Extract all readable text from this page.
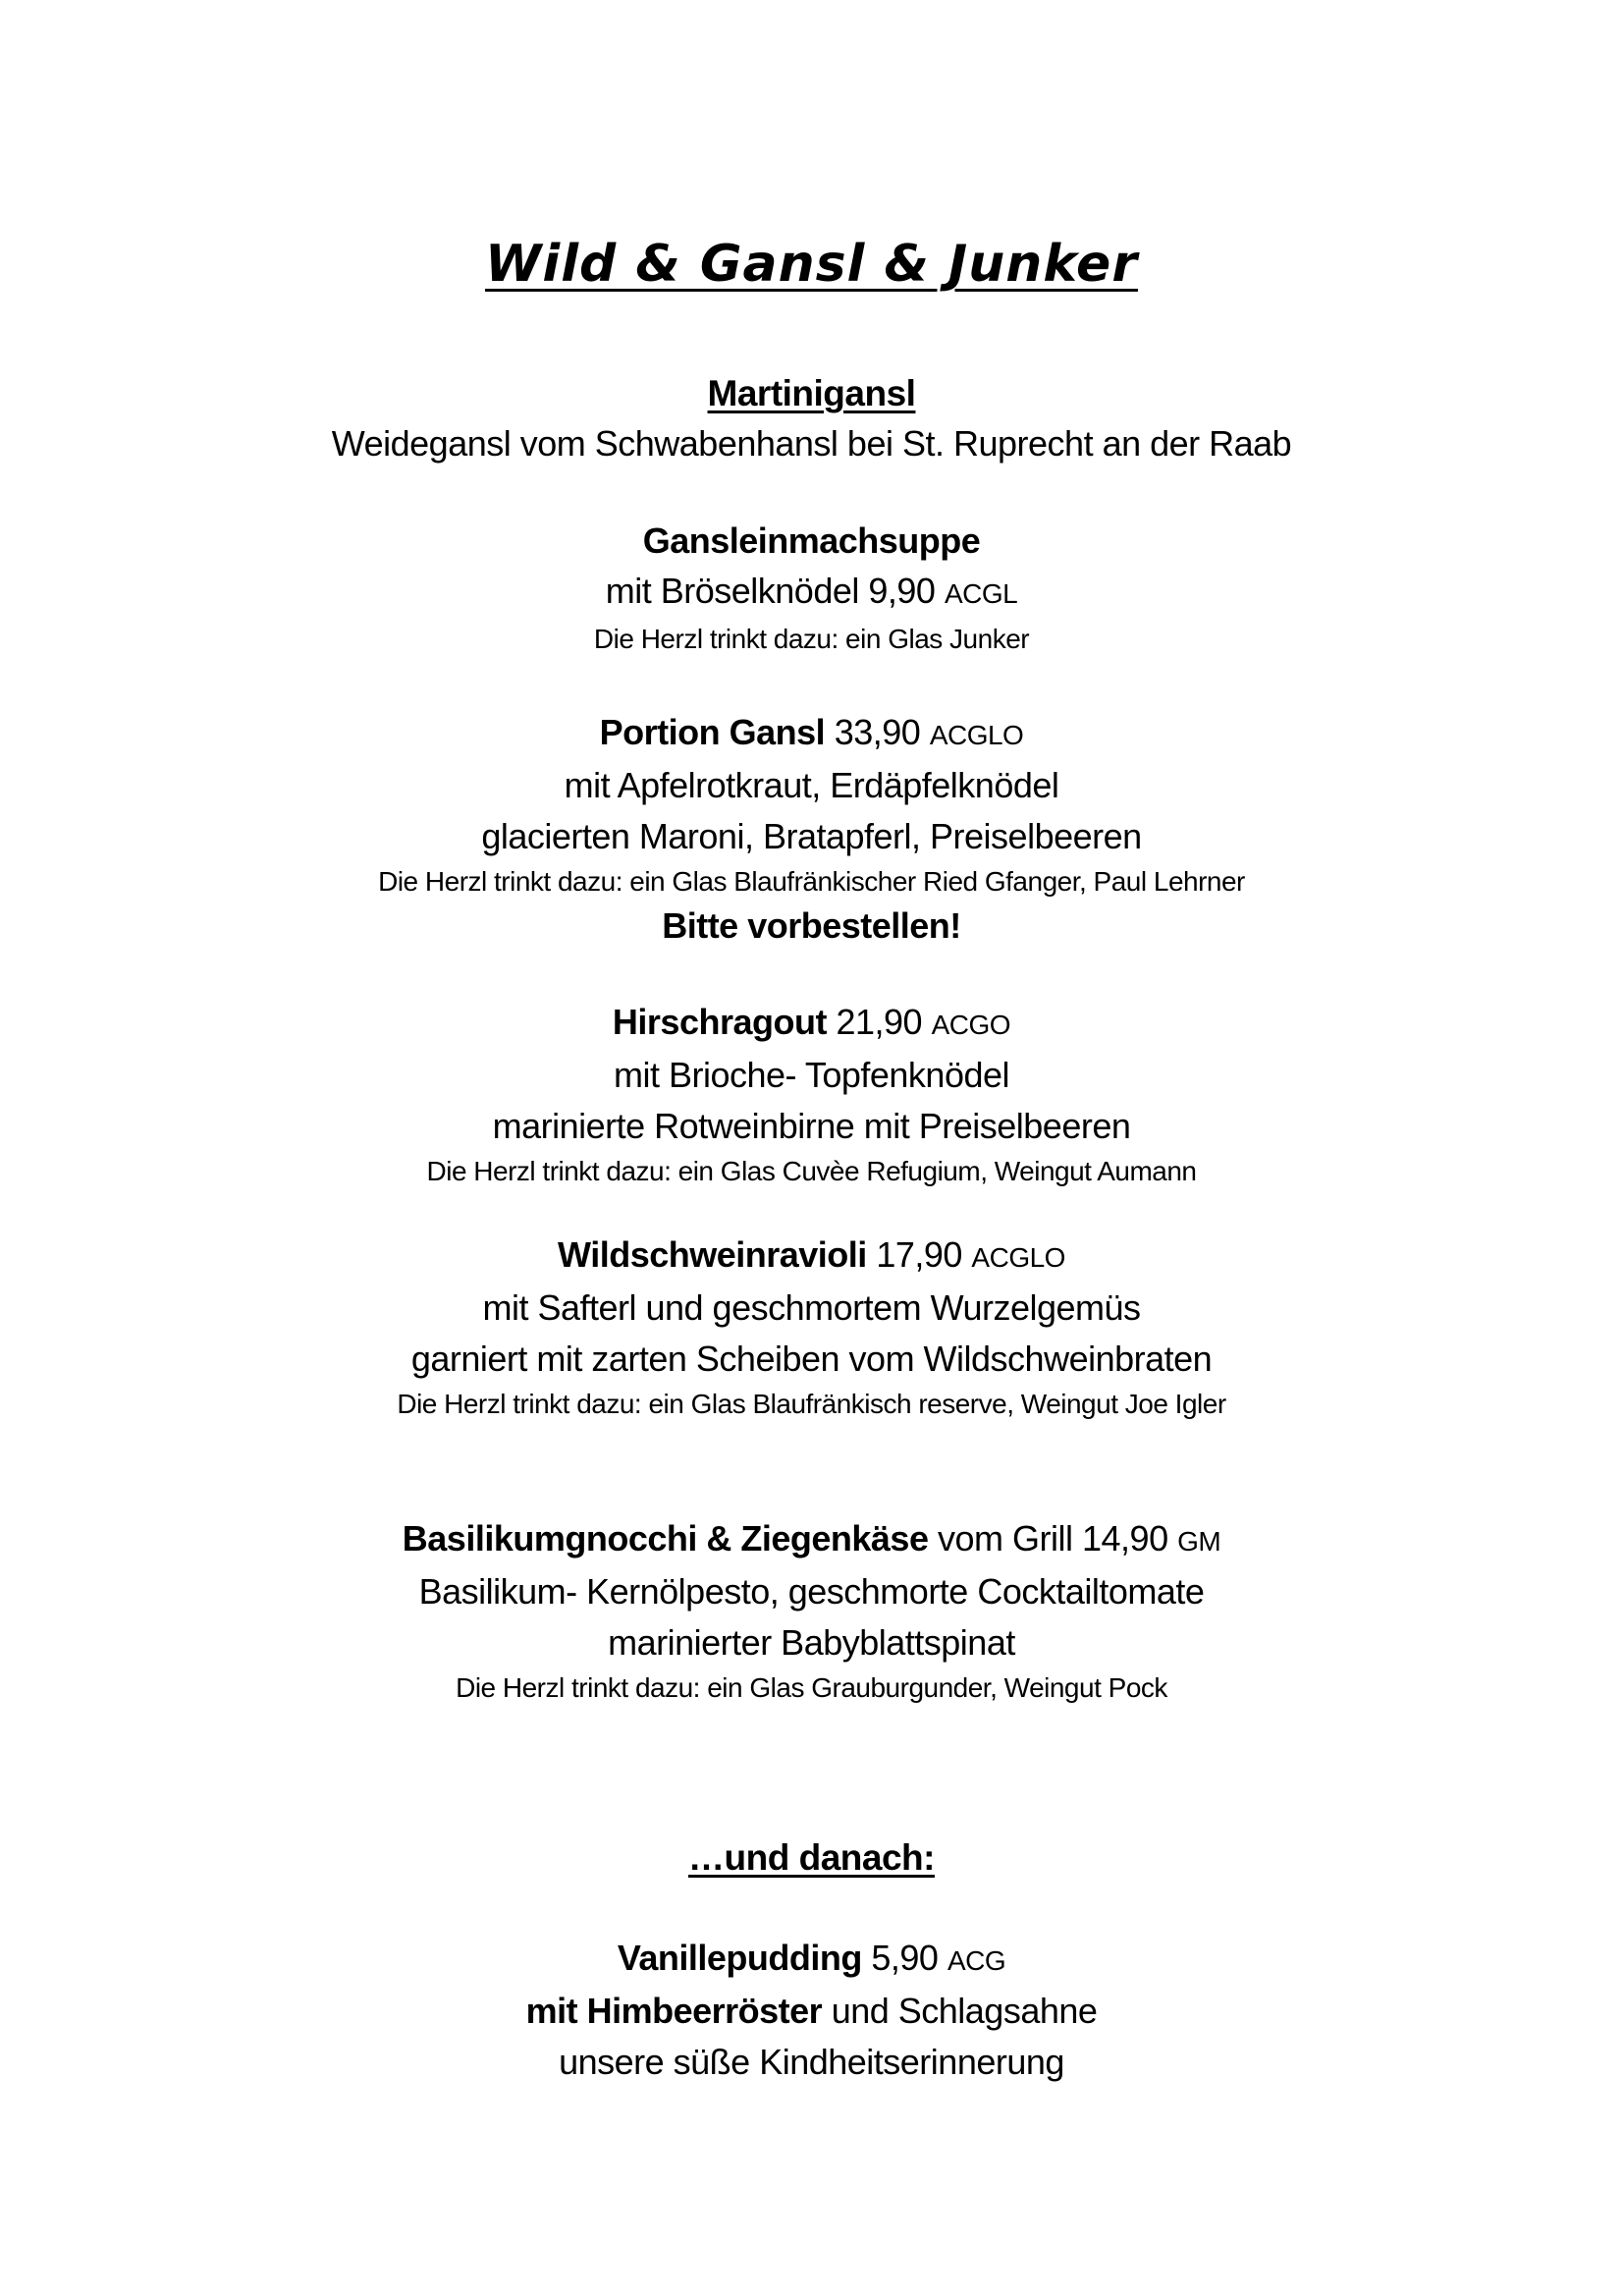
Wild & Gansl & Junker
Martinigansl
Weidegansl vom Schwabenhansl bei St. Ruprecht an der Raab
Gansleinmachsuppe
mit Bröselknödel 9,90 ACGL
Die Herzl trinkt dazu: ein Glas Junker
Portion Gansl 33,90 ACGLO
mit Apfelrotkraut, Erdäpfelknödel
glacierten Maroni, Bratapferl, Preiselbeeren
Die Herzl trinkt dazu: ein Glas Blaufränkischer Ried Gfanger, Paul Lehrner
Bitte vorbestellen!
Hirschragout 21,90 ACGO
mit Brioche- Topfenknödel
marinierte Rotweinbirne mit Preiselbeeren
Die Herzl trinkt dazu: ein Glas Cuvèe Refugium, Weingut Aumann
Wildschweinravioli 17,90 ACGLO
mit Safterl und geschmortem Wurzelgemüs
garniert mit zarten Scheiben vom Wildschweinbraten
Die Herzl trinkt dazu: ein Glas Blaufränkisch reserve, Weingut Joe Igler
Basilikumgnocchi & Ziegenkäse vom Grill 14,90 GM
Basilikum- Kernölpesto, geschmorte Cocktailtomate
marinierter Babyblattspinat
Die Herzl trinkt dazu: ein Glas Grauburgunder, Weingut Pock
…und danach:
Vanillepudding 5,90 ACG
mit Himbeerröster und Schlagsahne
unsere süße Kindheitserinnerung
